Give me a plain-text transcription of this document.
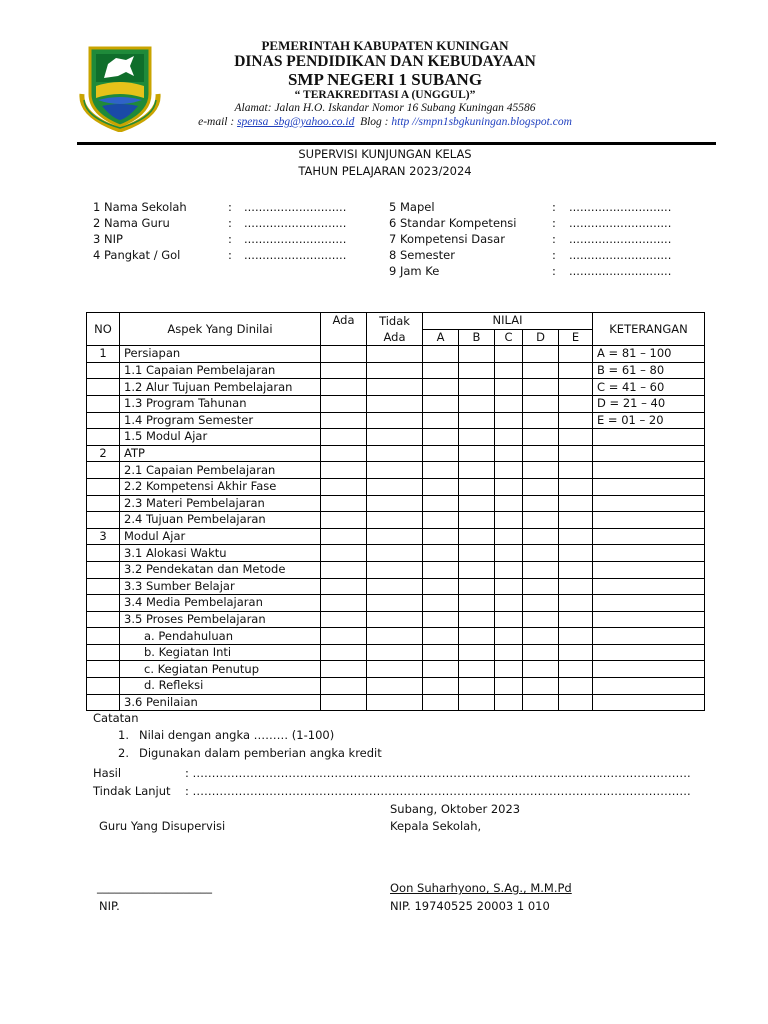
PEMERINTAH KABUPATEN KUNINGAN
DINAS PENDIDIKAN DAN KEBUDAYAAN
SMP NEGERI 1 SUBANG
“ TERAKREDITASI A (UNGGUL)”
Alamat: Jalan H.O. Iskandar Nomor 16 Subang Kuningan 45586
e-mail : spensa_sbg@yahoo.co.id Blog : http //smpn1sbgkuningan.blogspot.com
SUPERVISI KUNJUNGAN KELAS
TAHUN PELAJARAN 2023/2024
1 Nama Sekolah	: ............................
2 Nama Guru	: ............................
3 NIP	: ............................
4 Pangkat / Gol	: ............................
5 Mapel	: ............................
6 Standar Kompetensi	: ............................
7 Kompetensi Dasar	: ............................
8 Semester	: ............................
9 Jam Ke	: ............................
NO	Aspek Yang Dinilai	Ada	Tidak	NILAI					KETERANGAN
			Ada	A	B	C	D	E	
1	Persiapan								A = 81 – 100
	1.1 Capaian Pembelajaran								B = 61 – 80
	1.2 Alur Tujuan Pembelajaran								C = 41 – 60
	1.3 Program Tahunan								D = 21 – 40
	1.4 Program Semester								E = 01 – 20
	1.5 Modul Ajar								
2	ATP								
	2.1 Capaian Pembelajaran								
	2.2 Kompetensi Akhir Fase								
	2.3 Materi Pembelajaran								
	2.4 Tujuan Pembelajaran								
3	Modul Ajar								
	3.1 Alokasi Waktu								
	3.2 Pendekatan dan Metode								
	3.3 Sumber Belajar								
	3.4 Media Pembelajaran								
	3.5 Proses Pembelajaran								
	a. Pendahuluan								
	b. Kegiatan Inti								
	c. Kegiatan Penutup								
	d. Refleksi								
	3.6 Penilaian								
Catatan
1. Nilai dengan angka ……… (1-100)
2. Digunakan dalam pemberian angka kredit
Hasil	: ………………………………………………………………………………………………………………….
Tindak Lanjut : ………………………………………………………………………………………………………………….
Subang, Oktober 2023
Guru Yang Disupervisi	Kepala Sekolah,
____________________	Oon Suharhyono, S.Ag., M.M.Pd
NIP.	NIP. 19740525 20003 1 010
